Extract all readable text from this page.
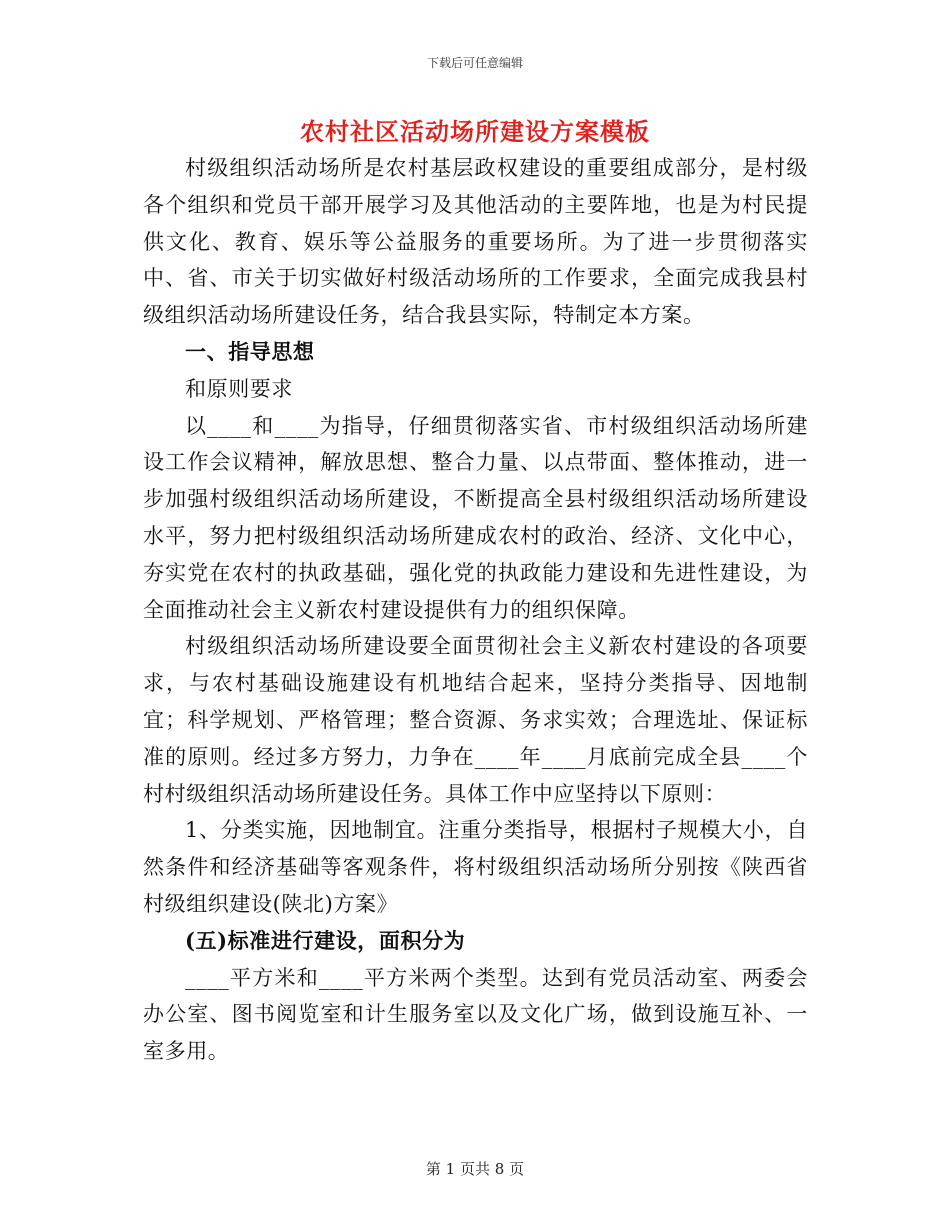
下载后可任意编辑
农村社区活动场所建设方案模板

村级组织活动场所是农村基层政权建设的重要组成部分，是村级各个组织和党员干部开展学习及其他活动的主要阵地，也是为村民提供文化、教育、娱乐等公益服务的重要场所。为了进一步贯彻落实中、省、市关于切实做好村级活动场所的工作要求，全面完成我县村级组织活动场所建设任务，结合我县实际，特制定本方案。

一、指导思想

和原则要求

以____和____为指导，仔细贯彻落实省、市村级组织活动场所建设工作会议精神，解放思想、整合力量、以点带面、整体推动，进一步加强村级组织活动场所建设，不断提高全县村级组织活动场所建设水平，努力把村级组织活动场所建成农村的政治、经济、文化中心，夯实党在农村的执政基础，强化党的执政能力建设和先进性建设，为全面推动社会主义新农村建设提供有力的组织保障。

村级组织活动场所建设要全面贯彻社会主义新农村建设的各项要求，与农村基础设施建设有机地结合起来，坚持分类指导、因地制宜；科学规划、严格管理；整合资源、务求实效；合理选址、保证标准的原则。经过多方努力，力争在____年____月底前完成全县____个村村级组织活动场所建设任务。具体工作中应坚持以下原则：

1、分类实施，因地制宜。注重分类指导，根据村子规模大小，自然条件和经济基础等客观条件，将村级组织活动场所分别按《陕西省村级组织建设(陕北)方案》

(五)标准进行建设，面积分为

____平方米和____平方米两个类型。达到有党员活动室、两委会办公室、图书阅览室和计生服务室以及文化广场，做到设施互补、一室多用。

第 1 页共 8 页
